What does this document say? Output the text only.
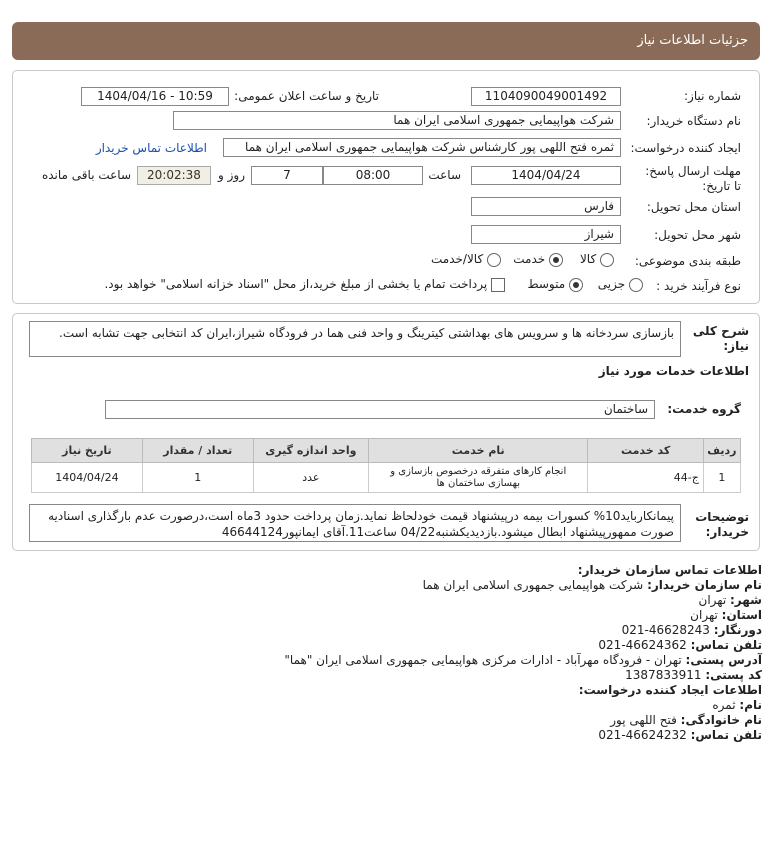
جزئیات اطلاعات نیاز
شماره نیاز:
1104090049001492
تاریخ و ساعت اعلان عمومی:
1404/04/16 - 10:59
نام دستگاه خریدار:
شرکت هواپیمایی جمهوری اسلامی ایران هما
ایجاد کننده درخواست:
ثمره فتح اللهی پور کارشناس شرکت هواپیمایی جمهوری اسلامی ایران هما
اطلاعات تماس خریدار
مهلت ارسال پاسخ: تا تاریخ:
1404/04/24
ساعت
08:00
7
روز و
20:02:38
ساعت باقی مانده
استان محل تحویل:
فارس
شهر محل تحویل:
شیراز
طبقه بندی موضوعی:
کالا
خدمت
کالا/خدمت
نوع فرآیند خرید :
جزیی
متوسط
پرداخت تمام یا بخشی از مبلغ خرید،از محل "اسناد خزانه اسلامی" خواهد بود.
شرح کلی نیاز:
بازسازی سردخانه ها و سرویس های بهداشتی کیترینگ و واحد فنی هما در فرودگاه شیراز،ایران کد انتخابی جهت تشابه است.
اطلاعات خدمات مورد نیاز
گروه خدمت:
ساختمان
ردیف	کد خدمت	نام خدمت	واحد اندازه گیری	تعداد / مقدار	تاریخ نیاز
1	ج-44	انجام کارهای متفرقه درخصوص بازسازی و بهسازی ساختمان ها	عدد	1	1404/04/24
توضیحات خریدار:
پیمانکارباید10% کسورات بیمه درپیشنهاد قیمت خودلحاظ نماید.زمان پرداخت حدود 3ماه است،درصورت عدم بارگذاری اسنادیه صورت ممهورپیشنهاد ابطال میشود.بازدیدیکشنبه04/22 ساعت11.آقای ایمانپور46644124
اطلاعات تماس سازمان خریدار:
نام سازمان خریدار: شرکت هواپیمایی جمهوری اسلامی ایران هما
شهر: تهران
استان: تهران
دورنگار: 46628243-021
تلفن تماس: 46624362-021
آدرس پستی: تهران - فرودگاه مهرآباد - ادارات مرکزی هواپیمایی جمهوری اسلامی ایران "هما"
کد پستی: 1387833911
اطلاعات ایجاد کننده درخواست:
نام: ثمره
نام خانوادگی: فتح اللهی پور
تلفن تماس: 46624232-021
